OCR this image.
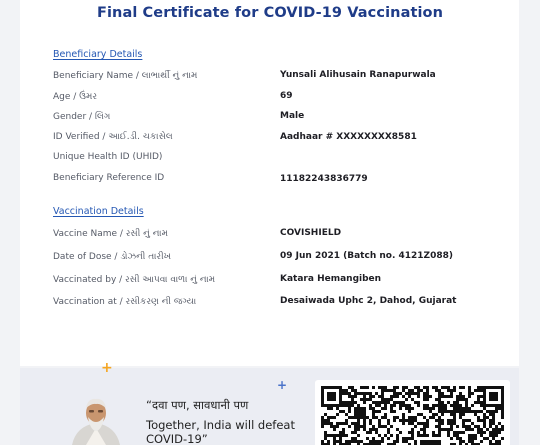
Final Certificate for COVID-19 Vaccination
Beneficiary Details
Beneficiary Name / લાભાર્થી નું નામ	Yunsali Alihusain Ranapurwala
Age / ઉંમર	69
Gender / લિંગ	Male
ID Verified / આઈ.ડી. ચકાસેલ	Aadhaar # XXXXXXXX8581
Unique Health ID (UHID)
Beneficiary Reference ID	11182243836779
Vaccination Details
Vaccine Name / રસી નું નામ	COVISHIELD
Date of Dose / ડોઝની તારીખ	09 Jun 2021 (Batch no. 4121Z088)
Vaccinated by / રસી આપવા વાળા નું નામ	Katara Hemangiben
Vaccination at / રસીકરણ ની જગ્યા	Desaiwada Uphc 2, Dahod, Gujarat
+
+
“दवा पण, सावधानी पण
Together, India will defeat COVID-19”
